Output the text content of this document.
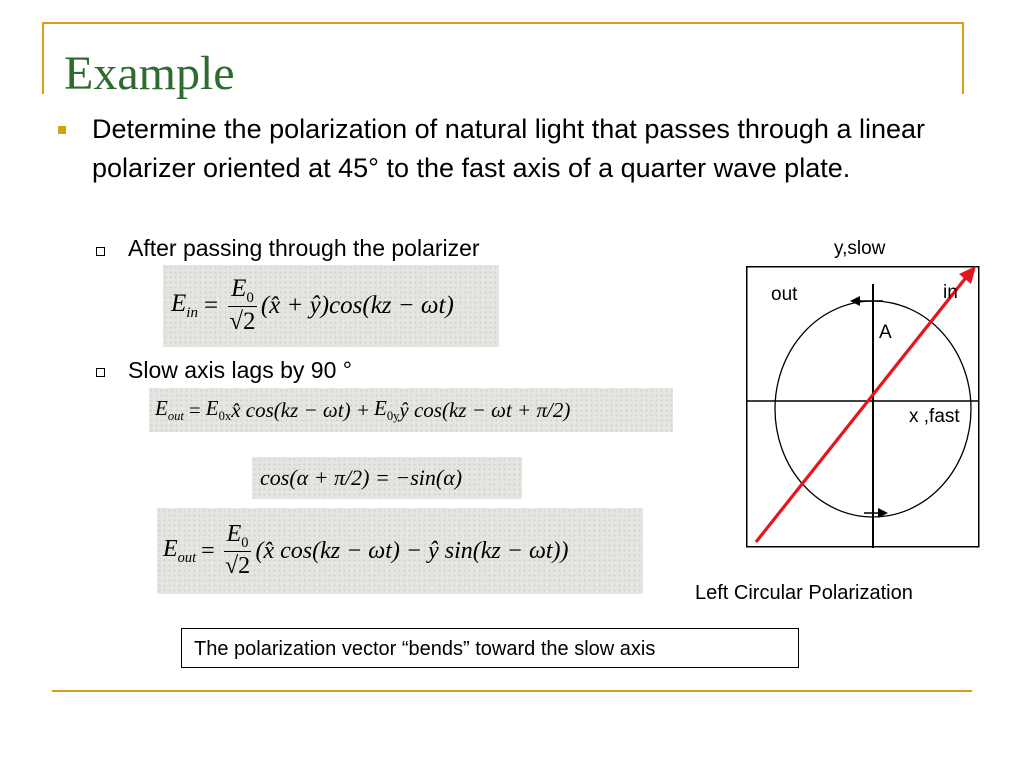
Example
Determine the polarization of natural light that passes through a linear polarizer oriented at 45° to the fast axis of a quarter wave plate.
After passing through the polarizer
Slow axis lags by 90 °
$E_{in} = \frac{E_0}{√2}$ (x̂ + ŷ)cos(kz − ωt)
$E_{out} = E_{0x}$ x̂ $\cos(kz - \omega t) + E_{0y}$ ŷ cos(kz − ωt + π/2)
cos(α + π/2) = −sin(α)
$E_{out} = \frac{E_0}{√2}$ (x̂ cos(kz − ωt) − ŷ sin(kz − ωt))
y,slow
out	in
A
x ,fast
Left Circular Polarization
The polarization vector “bends” toward the slow axis
